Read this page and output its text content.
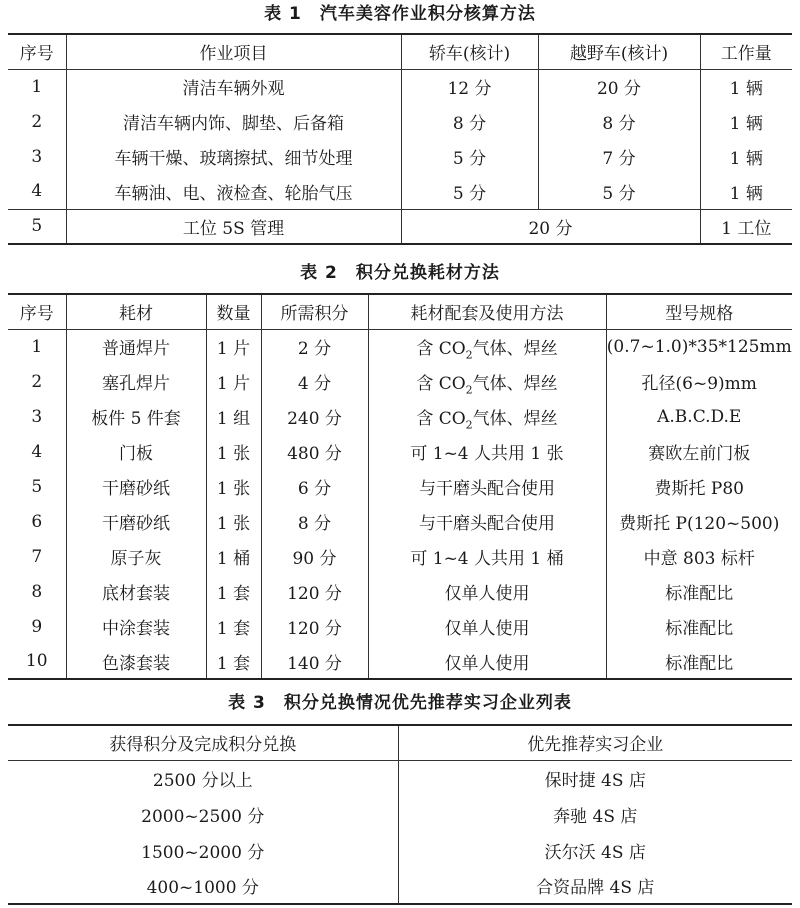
表 1　汽车美容作业积分核算方法
序号	作业项目	轿车(核计)	越野车(核计)	工作量
1	清洁车辆外观	12 分	20 分	1 辆
2	清洁车辆内饰、脚垫、后备箱	8 分	8 分	1 辆
3	车辆干燥、玻璃擦拭、细节处理	5 分	7 分	1 辆
4	车辆油、电、液检查、轮胎气压	5 分	5 分	1 辆
5	工位 5S 管理	20 分		1 工位
表 2　积分兑换耗材方法
序号	耗材	数量	所需积分	耗材配套及使用方法	型号规格
1	普通焊片	1 片	2 分	含 $CO_2$气体、焊丝	(0.7~1.0)*35*125mm
2	塞孔焊片	1 片	4 分	含 $CO_2$气体、焊丝	孔径(6~9)mm
3	板件 5 件套	1 组	240 分	含 $CO_2$气体、焊丝	A.B.C.D.E
4	门板	1 张	480 分	可 1~4 人共用 1 张	赛欧左前门板
5	干磨砂纸	1 张	6 分	与干磨头配合使用	费斯托 P80
6	干磨砂纸	1 张	8 分	与干磨头配合使用	费斯托 P(120~500)
7	原子灰	1 桶	90 分	可 1~4 人共用 1 桶	中意 803 标杆
8	底材套装	1 套	120 分	仅单人使用	标准配比
9	中涂套装	1 套	120 分	仅单人使用	标准配比
10	色漆套装	1 套	140 分	仅单人使用	标准配比
表 3　积分兑换情况优先推荐实习企业列表
获得积分及完成积分兑换	优先推荐实习企业
2500 分以上	保时捷 4S 店
2000~2500 分	奔驰 4S 店
1500~2000 分	沃尔沃 4S 店
400~1000 分	合资品牌 4S 店
